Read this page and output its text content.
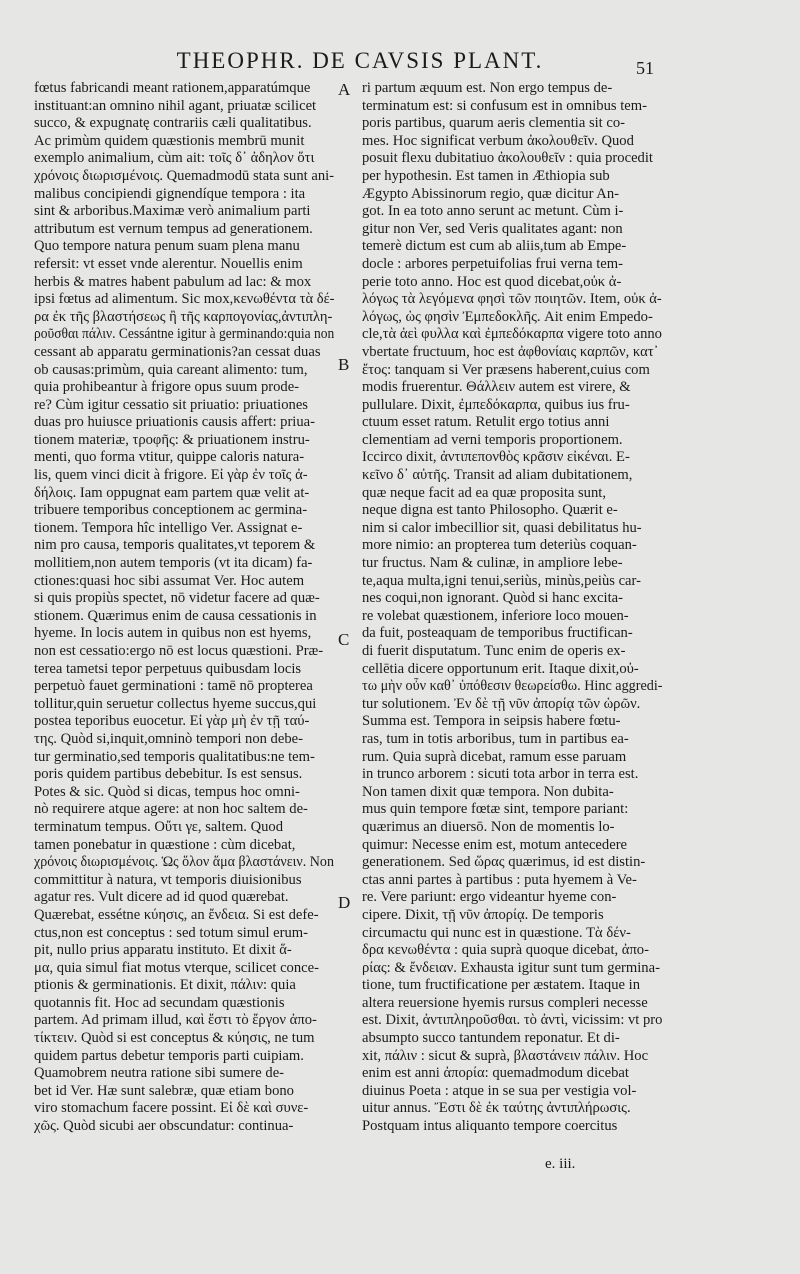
THEOPHR. DE CAVSIS PLANT.	51
A
B
C
D
fœtus fabricandi meant rationem,apparatúmque
instituant:an omnino nihil agant, priuatæ scilicet
succo, & expugnatę contrariis cæli qualitatibus.
Ac primùm quidem quæstionis membrū munit
exemplo animalium, cùm ait: τοῖς δ᾽ ἀδηλον ὅτι
χρόνοις διωρισμένοις. Quemadmodū stata sunt ani-
malibus concipiendi gignendíque tempora : ita
sint & arboribus.Maximæ verò animalium parti
attributum est vernum tempus ad generationem.
Quo tempore natura penum suam plena manu
refersit: vt esset vnde alerentur. Nouellis enim
herbis & matres habent pabulum ad lac: & mox
ipsi fœtus ad alimentum. Sic mox,κενωθέντα τὰ δέ-
ρα ἐκ τῆς βλαστήσεως ἢ τῆς καρπογονίας,ἀντιπλη-
ροῦσθαι πάλιν. Cessántne igitur à germinando:quia non
cessant ab apparatu germinationis?an cessat duas
ob causas:primùm, quia careant alimento: tum,
quia prohibeantur à frigore opus suum prode-
re? Cùm igitur cessatio sit priuatio: priuationes
duas pro huiusce priuationis causis affert: priua-
tionem materiæ, τροφῆς: & priuationem instru-
menti, quo forma vtitur, quippe caloris natura-
lis, quem vinci dicit à frigore. Εἰ γὰρ ἐν τοῖς ἀ-
δήλοις. Iam oppugnat eam partem quæ velit at-
tribuere temporibus conceptionem ac germina-
tionem. Tempora hîc intelligo Ver. Assignat e-
nim pro causa, temporis qualitates,vt teporem &
mollitiem,non autem temporis (vt ita dicam) fa-
ctiones:quasi hoc sibi assumat Ver. Hoc autem
si quis propiùs spectet, nō videtur facere ad quæ-
stionem. Quærimus enim de causa cessationis in
hyeme. In locis autem in quibus non est hyems,
non est cessatio:ergo nō est locus quæstioni. Præ-
terea tametsi tepor perpetuus quibusdam locis
perpetuò fauet germinationi : tamē nō propterea
tollitur,quin seruetur collectus hyeme succus,qui
postea teporibus euocetur. Εἰ γὰρ μὴ ἐν τῇ ταύ-
της. Quòd si,inquit,omninò tempori non debe-
tur germinatio,sed temporis qualitatibus:ne tem-
poris quidem partibus debebitur. Is est sensus.
Potes & sic. Quòd si dicas, tempus hoc omni-
nò requirere atque agere: at non hoc saltem de-
terminatum tempus. Οὔτι γε, saltem. Quod
tamen ponebatur in quæstione : cùm dicebat,
χρόνοις διωρισμένοις. Ὡς ὅλον ἅμα βλαστάνειν. Non
committitur à natura, vt temporis diuisionibus
agatur res. Vult dicere ad id quod quærebat.
Quærebat, essétne κύησις, an ἔνδεια. Si est defe-
ctus,non est conceptus : sed totum simul erum-
pit, nullo prius apparatu instituto. Et dixit ἅ-
μα, quia simul fiat motus vterque, scilicet conce-
ptionis & germinationis. Et dixit, πάλιν: quia
quotannis fit. Hoc ad secundam quæstionis
partem. Ad primam illud, καὶ ἔστι τὸ ἔργον ἀπο-
τίκτειν. Quòd si est conceptus & κύησις, ne tum
quidem partus debetur temporis parti cuipiam.
Quamobrem neutra ratione sibi sumere de-
bet id Ver. Hæ sunt salebræ, quæ etiam bono
viro stomachum facere possint. Εἰ δὲ καὶ συνε-
χῶς. Quòd sicubi aer obscundatur: continua-
ri partum æquum est. Non ergo tempus de-
terminatum est: si confusum est in omnibus tem-
poris partibus, quarum aeris clementia sit co-
mes. Hoc significat verbum ἀκολουθεῖν. Quod
posuit flexu dubitatiuo ἀκολουθεῖν : quia procedit
per hypothesin. Est tamen in Æthiopia sub
Ægypto Abissinorum regio, quæ dicitur An-
got. In ea toto anno serunt ac metunt. Cùm i-
gitur non Ver, sed Veris qualitates agant: non
temerè dictum est cum ab aliis,tum ab Empe-
docle : arbores perpetuifolias frui verna tem-
perie toto anno. Hoc est quod dicebat,οὐκ ἀ-
λόγως τὰ λεγόμενα φησὶ τῶν ποιητῶν. Item, οὐκ ἀ-
λόγως, ὡς φησὶν Ἐμπεδοκλῆς. Ait enim Empedo-
cle,τὰ ἀεὶ φυλλα καὶ ἐμπεδόκαρπα vigere toto anno
vbertate fructuum, hoc est ἀφθονίαις καρπῶν, κατ᾽
ἔτος: tanquam si Ver præsens haberent,cuius com
modis fruerentur. Θάλλειν autem est virere, &
pullulare. Dixit, ἐμπεδόκαρπα, quibus ius fru-
ctuum esset ratum. Retulit ergo totius anni
clementiam ad verni temporis proportionem.
Iccirco dixit, ἀντιπεπονθὸς κρᾶσιν εἰκέναι. Ε-
κεῖνο δ᾽ αὐτῆς. Transit ad aliam dubitationem,
quæ neque facit ad ea quæ proposita sunt,
neque digna est tanto Philosopho. Quærit e-
nim si calor imbecillior sit, quasi debilitatus hu-
more nimio: an propterea tum deteriùs coquan-
tur fructus. Nam & culinæ, in ampliore lebe-
te,aqua multa,igni tenui,seriùs, minùs,peiùs car-
nes coqui,non ignorant. Quòd si hanc excita-
re volebat quæstionem, inferiore loco mouen-
da fuit, posteaquam de temporibus fructifican-
di fuerit disputatum. Tunc enim de operis ex-
cellētia dicere opportunum erit. Itaque dixit,οὐ-
τω μὴν οὖν καθ᾽ ὑπόθεσιν θεωρείσθω. Hinc aggredi-
tur solutionem. Ἐν δὲ τῇ νῦν ἀπορίᾳ τῶν ὡρῶν.
Summa est. Tempora in seipsis habere fœtu-
ras, tum in totis arboribus, tum in partibus ea-
rum. Quia suprà dicebat, ramum esse paruam
in trunco arborem : sicuti tota arbor in terra est.
Non tamen dixit quæ tempora. Non dubita-
mus quin tempore fœtæ sint, tempore pariant:
quærimus an diuersō. Non de momentis lo-
quimur: Necesse enim est, motum antecedere
generationem. Sed ὥρας quærimus, id est distin-
ctas anni partes à partibus : puta hyemem à Ve-
re. Vere pariunt: ergo videantur hyeme con-
cipere. Dixit, τῇ νῦν ἀπορίᾳ. De temporis
circumactu qui nunc est in quæstione. Τὰ δέν-
δρα κενωθέντα : quia suprà quoque dicebat, ἀπο-
ρίας: & ἔνδειαν. Exhausta igitur sunt tum germina-
tione, tum fructificatione per æstatem. Itaque in
altera reuersione hyemis rursus compleri necesse
est. Dixit, ἀντιπληροῦσθαι. τὸ ἀντὶ, vicissim: vt pro
absumpto succo tantundem reponatur. Et di-
xit, πάλιν : sicut & suprà, βλαστάνειν πάλιν. Hoc
enim est anni ἀπορία: quemadmodum dicebat
diuinus Poeta : atque in se sua per vestigia vol-
uitur annus. Ἔστι δὲ ἐκ ταύτης ἀντιπλήρωσις.
Postquam intus aliquanto tempore coercitus
e. iii.
